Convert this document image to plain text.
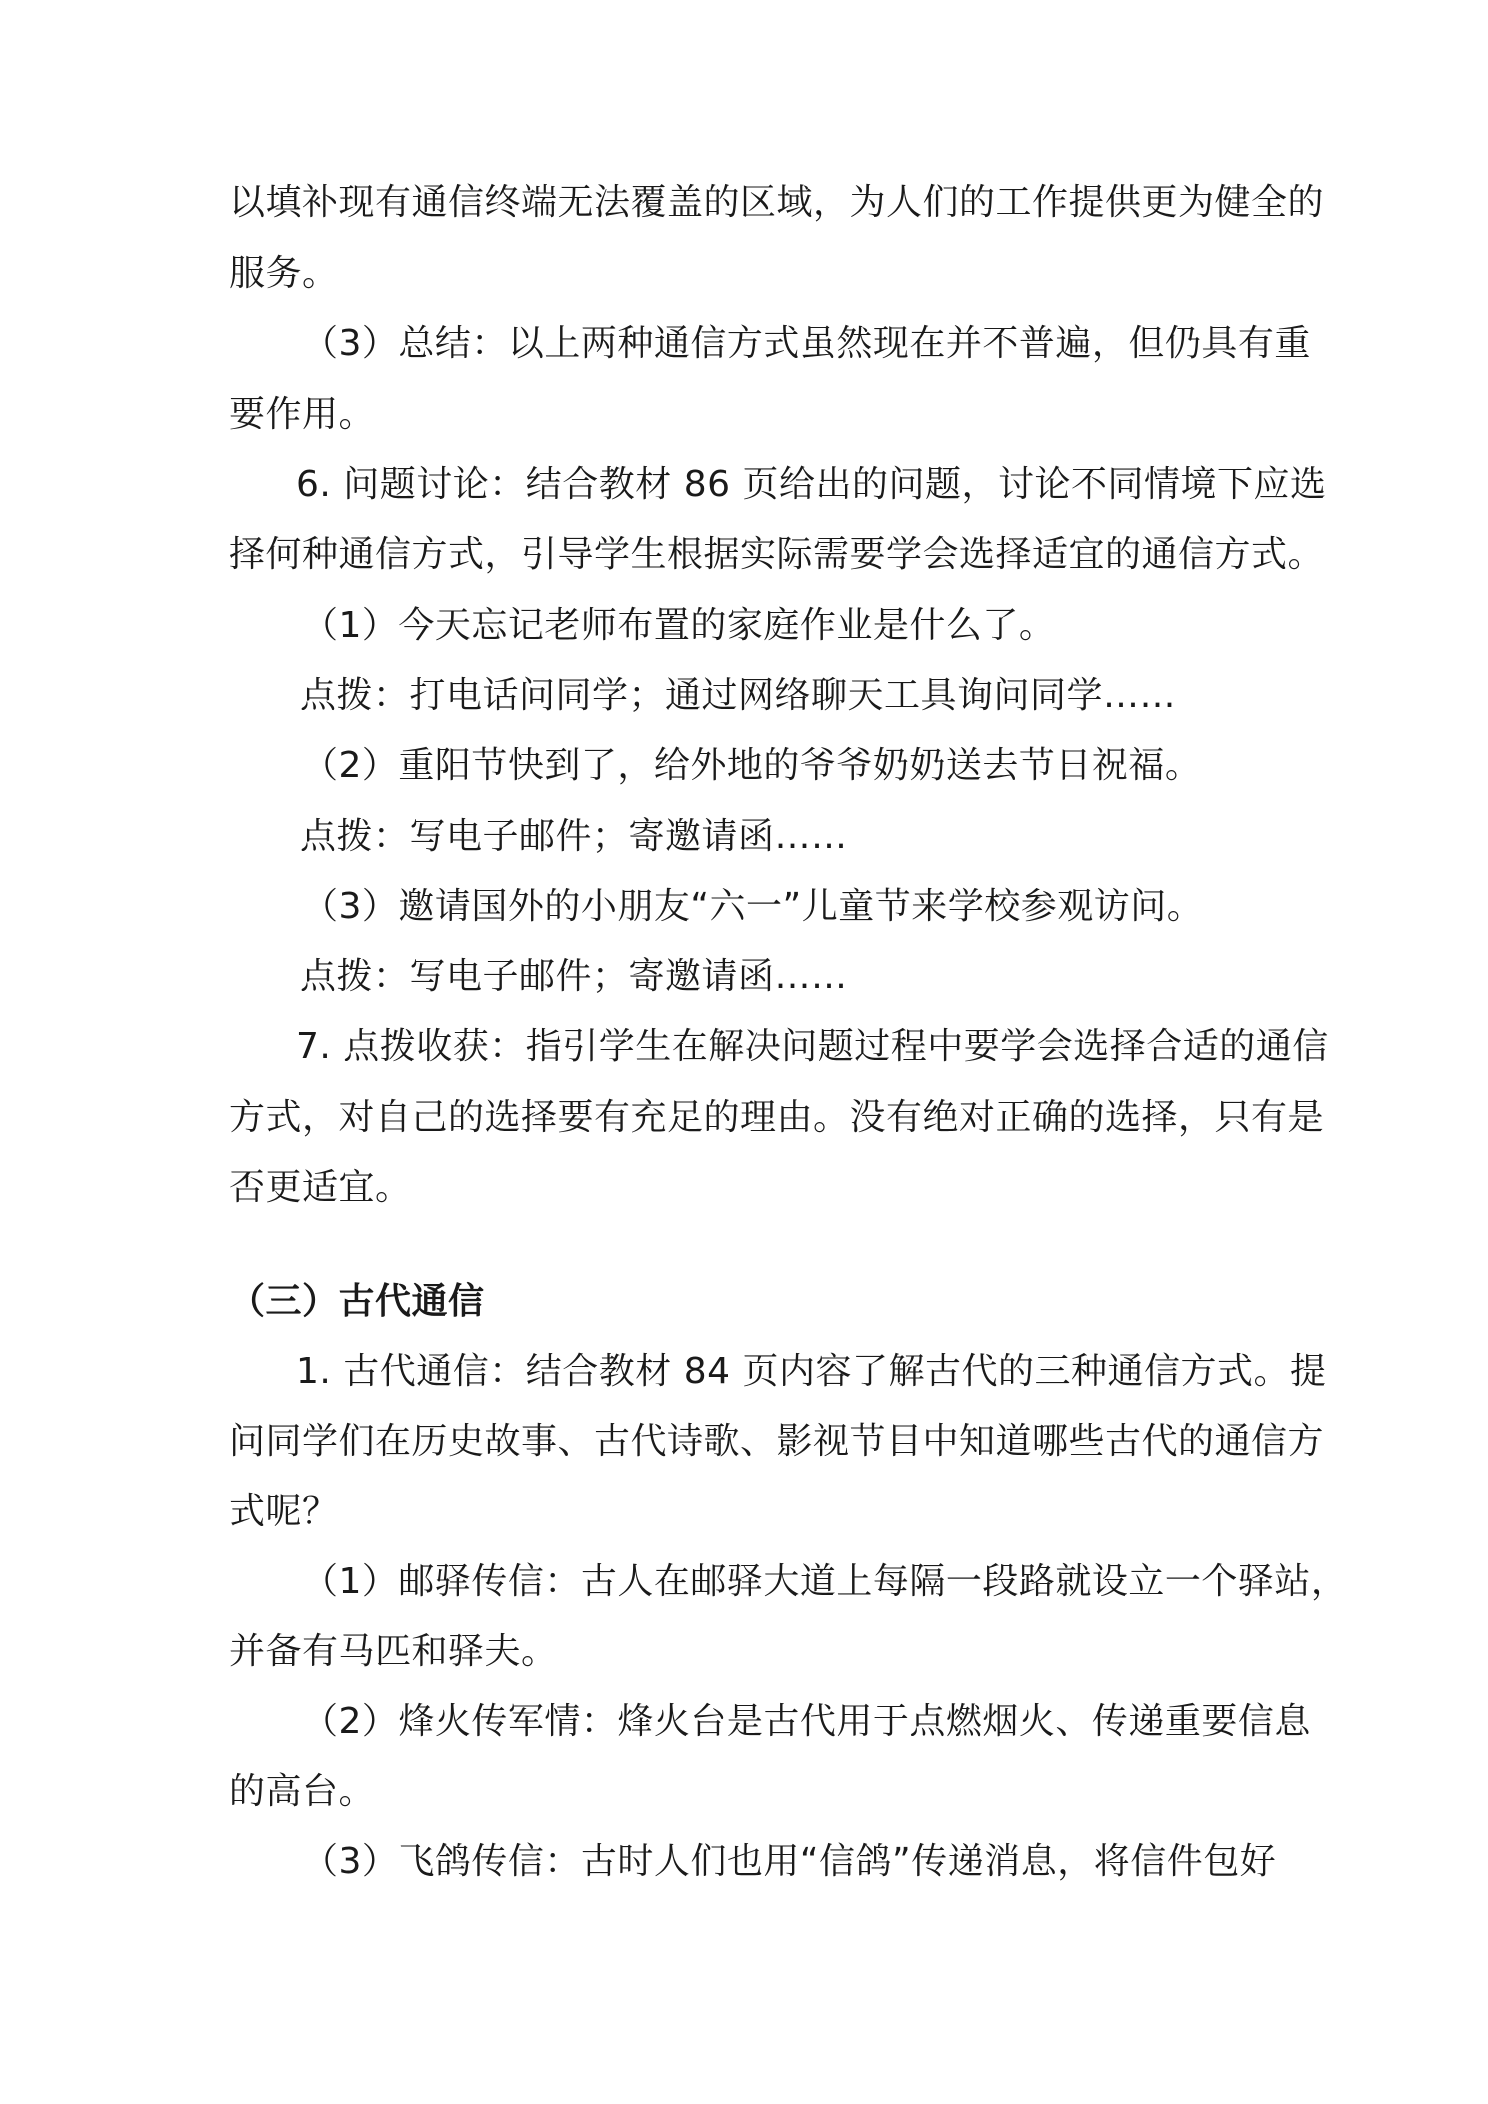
以填补现有通信终端无法覆盖的区域，为人们的工作提供更为健全的
服务。
（3）总结：以上两种通信方式虽然现在并不普遍，但仍具有重
要作用。
6. 问题讨论：结合教材 86 页给出的问题，讨论不同情境下应选
择何种通信方式，引导学生根据实际需要学会选择适宜的通信方式。
（1）今天忘记老师布置的家庭作业是什么了。
点拨：打电话问同学；通过网络聊天工具询问同学……
（2）重阳节快到了，给外地的爷爷奶奶送去节日祝福。
点拨：写电子邮件；寄邀请函……
（3）邀请国外的小朋友“六一”儿童节来学校参观访问。
点拨：写电子邮件；寄邀请函……
7. 点拨收获：指引学生在解决问题过程中要学会选择合适的通信
方式，对自己的选择要有充足的理由。没有绝对正确的选择，只有是
否更适宜。
（三）古代通信
1. 古代通信：结合教材 84 页内容了解古代的三种通信方式。提
问同学们在历史故事、古代诗歌、影视节目中知道哪些古代的通信方
式呢？
（1）邮驿传信：古人在邮驿大道上每隔一段路就设立一个驿站，
并备有马匹和驿夫。
（2）烽火传军情：烽火台是古代用于点燃烟火、传递重要信息
的高台。
（3）飞鸽传信：古时人们也用“信鸽”传递消息，将信件包好
